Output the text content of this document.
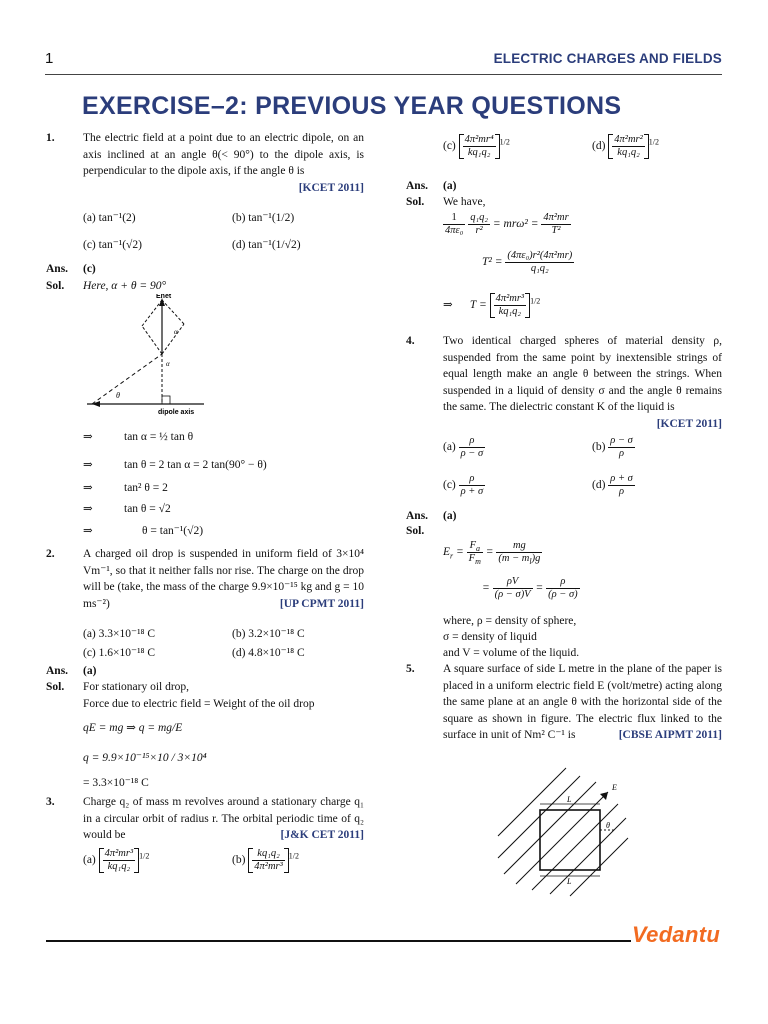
1	ELECTRIC CHARGES AND FIELDS
EXERCISE–2: PREVIOUS YEAR QUESTIONS
1. The electric field at a point due to an electric dipole, on an axis inclined at an angle θ(< 90°) to the dipole axis, is perpendicular to the dipole axis, if the angle θ is
[KCET 2011]
(a) tan⁻¹(2)	(b) tan⁻¹(1/2)
(c) tan⁻¹(√2)	(d) tan⁻¹(1/√2)
Ans. (c)
Sol. Here, α + θ = 90°
Enet
α
α
θ
dipole axis
⇒	tan α = ½ tan θ
⇒	tan θ = 2 tan α = 2 tan(90° − θ)
⇒	tan² θ = 2
⇒	tan θ = √2
⇒	θ = tan⁻¹(√2)
2. A charged oil drop is suspended in uniform field of 3×10⁴ Vm⁻¹, so that it neither falls nor rise. The charge on the drop will be (take, the mass of the charge 9.9×10⁻¹⁵ kg and g = 10 ms⁻²)	[UP CPMT 2011]
(a) 3.3×10⁻¹⁸ C	(b) 3.2×10⁻¹⁸ C
(c) 1.6×10⁻¹⁸ C	(d) 4.8×10⁻¹⁸ C
Ans. (a)
Sol. For stationary oil drop,
Force due to electric field = Weight of the oil drop
qE = mg ⇒ q = mg/E
q = 9.9×10⁻¹⁵×10 / 3×10⁴
= 3.3×10⁻¹⁸ C
3. Charge q₂ of mass m revolves around a stationary charge q₁ in a circular orbit of radius r. The orbital periodic time of q₂ would be	[J&K CET 2011]
$(a) \frac{\text{4π²mr³}}{\text{kq₁q₂}} ^{1/2}$	$(b) \frac{\text{kq₁q₂}}{\text{4π²mr³}} ^{1/2}$
$(c) \frac{\text{4π²mr⁴}}{\text{kq₁q₂}} ^{1/2}$	$(d) \frac{\text{4π²mr²}}{\text{kq₁q₂}} ^{1/2}$
Ans. (a)
Sol. We have,
$\frac{1}{\text{4πε₀}}$
$\frac{\text{q₁q₂}}{\text{r²}} = mr\omega^2 = \frac{\text{4π²mr}}{\text{T²}}$
$T^2 = \frac{\text{(4πε₀)r²(4π²mr)}}{\text{q₁q₂}}$
⇒ $T = \frac{\text{4π²mr³}}{\text{kq₁q₂}} ^{1/2}$
4. Two identical charged spheres of material density ρ, suspended from the same point by inextensible strings of equal length make an angle θ between the strings. When suspended in a liquid of density σ and the angle θ remains the same. The dielectric constant K of the liquid is
[KCET 2011]
$(a) \frac{\rho}{\rho - \sigma}$	$(b) \frac{\rho - \sigma}{\rho}$
$(c) \frac{\rho}{\rho + \sigma}$	$(d) \frac{\rho + \sigma}{\rho}$
Ans. (a)
Sol.
$E_r = \frac{F_a}{F_m} = \frac{mg}{(m - m_l)g}$
= $\frac{\rho V}{(\rho - \sigma)V} = \frac{\rho}{(\rho - \sigma)}$
where, ρ = density of sphere,
σ = density of liquid
and V = volume of the liquid.
5. A square surface of side L metre in the plane of the paper is placed in a uniform electric field E (volt/metre) acting along the same plane at an angle θ with the horizontal side of the square as shown in figure. The electric flux linked to the surface in unit of Nm² C⁻¹ is	[CBSE AIPMT 2011]
L
L
E
θ
Vedantu
